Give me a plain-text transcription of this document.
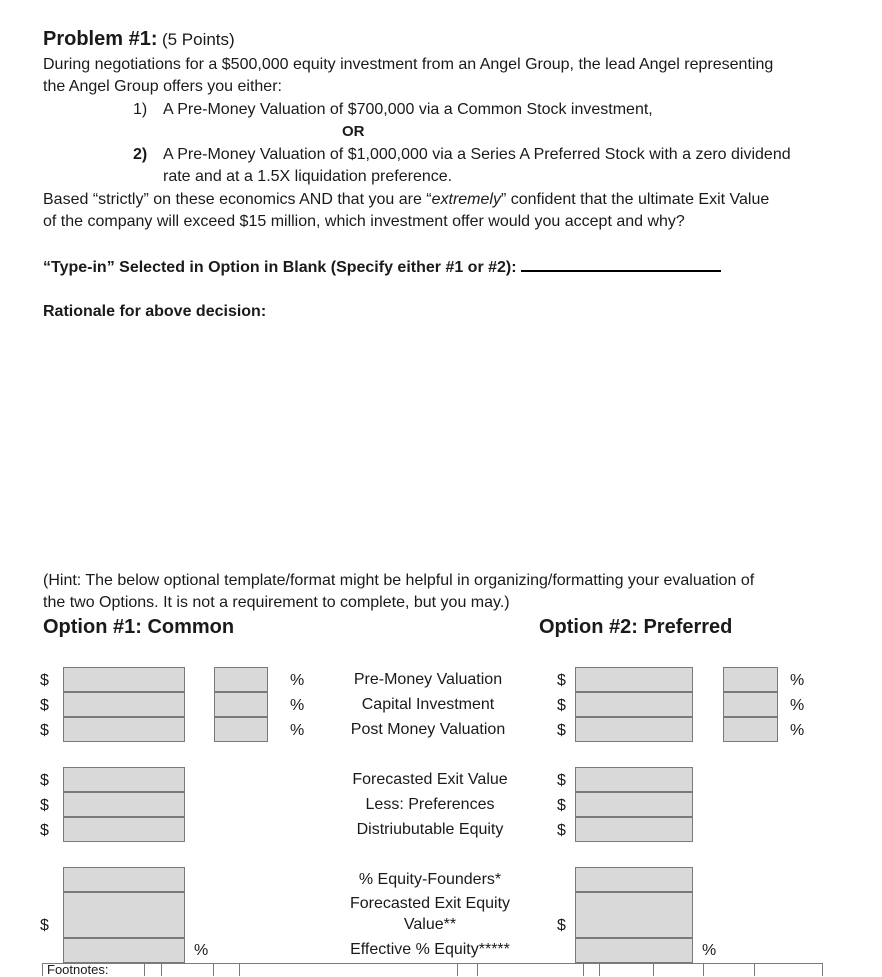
Problem #1: (5 Points)
During negotiations for a $500,000 equity investment from an Angel Group, the lead Angel representing
the Angel Group offers you either:
1) A Pre-Money Valuation of $700,000 via a Common Stock investment,
OR
2) A Pre-Money Valuation of $1,000,000 via a Series A Preferred Stock with a zero dividend
rate and at a 1.5X liquidation preference.
Based “strictly” on these economics AND that you are “extremely” confident that the ultimate Exit Value
of the company will exceed $15 million, which investment offer would you accept and why?
“Type-in” Selected in Option in Blank (Specify either #1 or #2):
Rationale for above decision:
(Hint: The below optional template/format might be helpful in organizing/formatting your evaluation of
the two Options. It is not a requirement to complete, but you may.)
Option #1: Common	Option #2: Preferred
$
$
$
%
%
%
Pre-Money Valuation
Capital Investment
Post Money Valuation
$
$
$
%
%
%
$
$
$
Forecasted Exit Value
Less: Preferences
Distriubutable Equity
$
$
$
$
%
% Equity-Founders*
Forecasted Exit Equity
Value**
Effective % Equity*****
$
%
Footnotes:
